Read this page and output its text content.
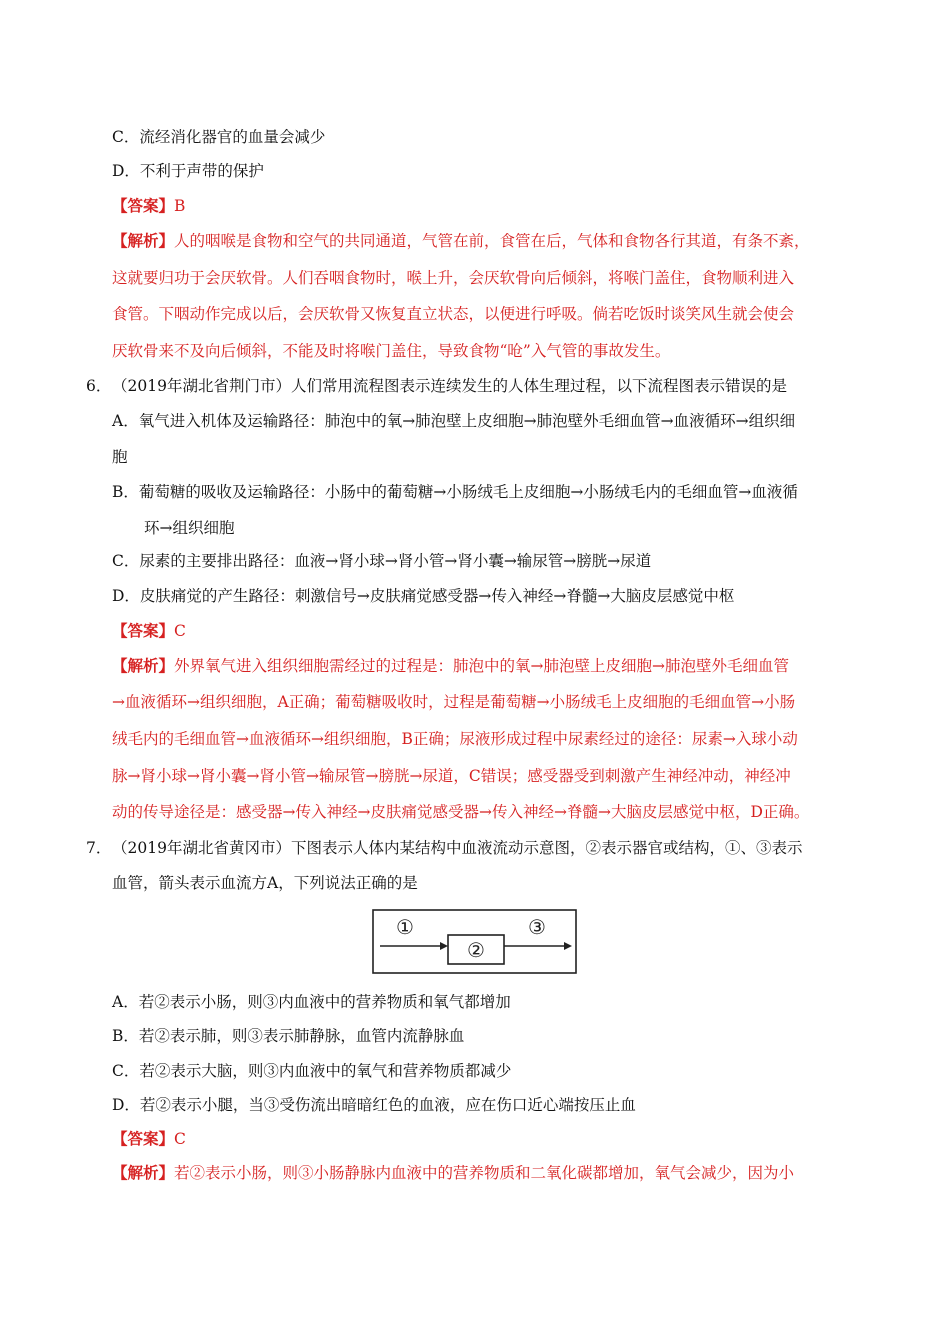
C．流经消化器官的血量会减少
D．不利于声带的保护
【答案】B
【解析】人的咽喉是食物和空气的共同通道，气管在前，食管在后，气体和食物各行其道，有条不紊，
这就要归功于会厌软骨。人们吞咽食物时，喉上升，会厌软骨向后倾斜，将喉门盖住，食物顺利进入
食管。下咽动作完成以后，会厌软骨又恢复直立状态，以便进行呼吸。倘若吃饭时谈笑风生就会使会
厌软骨来不及向后倾斜，不能及时将喉门盖住，导致食物“呛”入气管的事故发生。
6． （2019年湖北省荆门市）人们常用流程图表示连续发生的人体生理过程，以下流程图表示错误的是
A．氧气进入机体及运输路径：肺泡中的氧→肺泡壁上皮细胞→肺泡壁外毛细血管→血液循环→组织细
胞
B．葡萄糖的吸收及运输路径：小肠中的葡萄糖→小肠绒毛上皮细胞→小肠绒毛内的毛细血管→血液循
环→组织细胞
C．尿素的主要排出路径：血液→肾小球→肾小管→肾小囊→输尿管→膀胱→尿道
D．皮肤痛觉的产生路径：刺激信号→皮肤痛觉感受器→传入神经→脊髓→大脑皮层感觉中枢
【答案】C
【解析】外界氧气进入组织细胞需经过的过程是：肺泡中的氧→肺泡壁上皮细胞→肺泡壁外毛细血管
→血液循环→组织细胞，A正确；葡萄糖吸收时，过程是葡萄糖→小肠绒毛上皮细胞的毛细血管→小肠
绒毛内的毛细血管→血液循环→组织细胞，B正确；尿液形成过程中尿素经过的途径：尿素→入球小动
脉→肾小球→肾小囊→肾小管→输尿管→膀胱→尿道，C错误；感受器受到刺激产生神经冲动，神经冲
动的传导途径是：感受器→传入神经→皮肤痛觉感受器→传入神经→脊髓→大脑皮层感觉中枢，D正确。
7． （2019年湖北省黄冈市）下图表示人体内某结构中血液流动示意图，②表示器官或结构，①、③表示
血管，箭头表示血流方A，下列说法正确的是
①
②
③
A．若②表示小肠，则③内血液中的营养物质和氧气都增加
B．若②表示肺，则③表示肺静脉，血管内流静脉血
C．若②表示大脑，则③内血液中的氧气和营养物质都减少
D．若②表示小腿，当③受伤流出暗暗红色的血液，应在伤口近心端按压止血
【答案】C
【解析】若②表示小肠，则③小肠静脉内血液中的营养物质和二氧化碳都增加，氧气会减少，因为小
